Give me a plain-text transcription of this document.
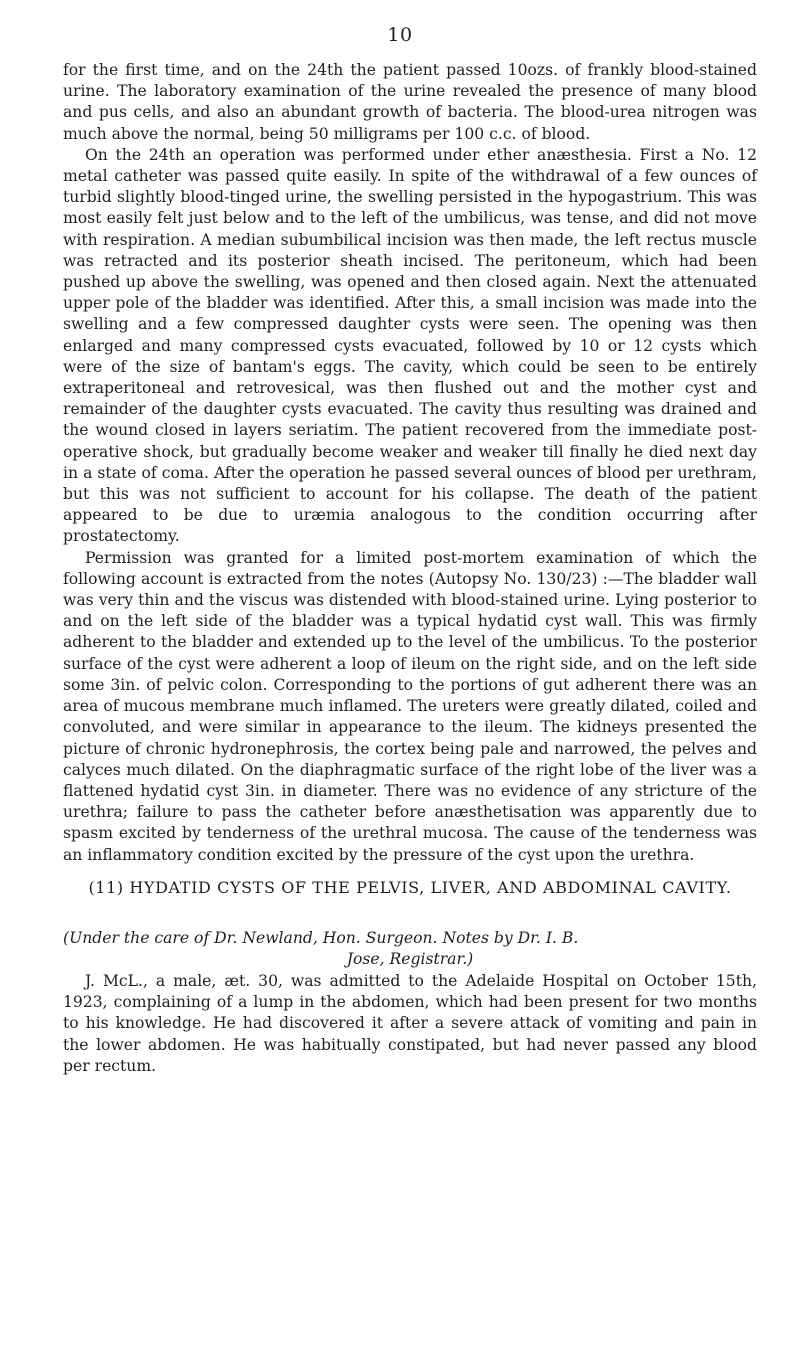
10

for the first time, and on the 24th the patient passed 10ozs. of frankly blood-stained urine. The laboratory examination of the urine revealed the presence of many blood and pus cells, and also an abundant growth of bacteria. The blood-urea nitrogen was much above the normal, being 50 milligrams per 100 c.c. of blood.

On the 24th an operation was performed under ether anæsthesia. First a No. 12 metal catheter was passed quite easily. In spite of the withdrawal of a few ounces of turbid slightly blood-tinged urine, the swelling persisted in the hypogastrium. This was most easily felt just below and to the left of the umbilicus, was tense, and did not move with respiration. A median subumbilical incision was then made, the left rectus muscle was retracted and its posterior sheath incised. The peritoneum, which had been pushed up above the swelling, was opened and then closed again. Next the attenuated upper pole of the bladder was identified. After this, a small incision was made into the swelling and a few compressed daughter cysts were seen. The opening was then enlarged and many compressed cysts evacuated, followed by 10 or 12 cysts which were of the size of bantam's eggs. The cavity, which could be seen to be entirely extraperitoneal and retrovesical, was then flushed out and the mother cyst and remainder of the daughter cysts evacuated. The cavity thus resulting was drained and the wound closed in layers seriatim. The patient recovered from the immediate post-operative shock, but gradually become weaker and weaker till finally he died next day in a state of coma. After the operation he passed several ounces of blood per urethram, but this was not sufficient to account for his collapse. The death of the patient appeared to be due to uræmia analogous to the condition occurring after prostatectomy.

Permission was granted for a limited post-mortem examination of which the following account is extracted from the notes (Autopsy No. 130/23) :—The bladder wall was very thin and the viscus was distended with blood-stained urine. Lying posterior to and on the left side of the bladder was a typical hydatid cyst wall. This was firmly adherent to the bladder and extended up to the level of the umbilicus. To the posterior surface of the cyst were adherent a loop of ileum on the right side, and on the left side some 3in. of pelvic colon. Corresponding to the portions of gut adherent there was an area of mucous membrane much inflamed. The ureters were greatly dilated, coiled and convoluted, and were similar in appearance to the ileum. The kidneys presented the picture of chronic hydronephrosis, the cortex being pale and narrowed, the pelves and calyces much dilated. On the diaphragmatic surface of the right lobe of the liver was a flattened hydatid cyst 3in. in diameter. There was no evidence of any stricture of the urethra; failure to pass the catheter before anæsthetisation was apparently due to spasm excited by tenderness of the urethral mucosa. The cause of the tenderness was an inflammatory condition excited by the pressure of the cyst upon the urethra.

(11) HYDATID CYSTS OF THE PELVIS, LIVER, AND ABDOMINAL CAVITY.
(Under the care of Dr. Newland, Hon. Surgeon. Notes by Dr. I. B.
Jose, Registrar.)

J. McL., a male, æt. 30, was admitted to the Adelaide Hospital on October 15th, 1923, complaining of a lump in the abdomen, which had been present for two months to his knowledge. He had discovered it after a severe attack of vomiting and pain in the lower abdomen. He was habitually constipated, but had never passed any blood per rectum.
